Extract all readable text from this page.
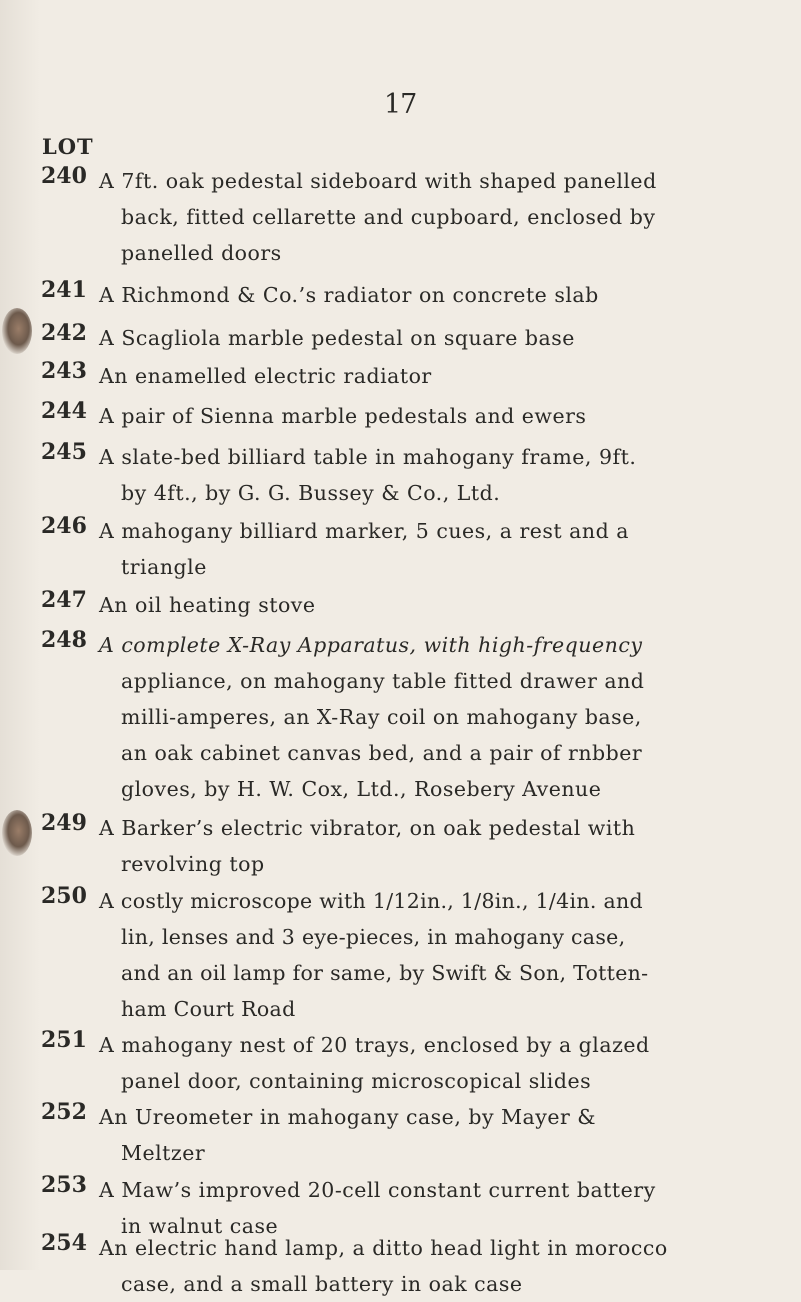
17
LOT
240 A 7ft. oak pedestal sideboard with shaped panelled
back, fitted cellarette and cupboard, enclosed by
panelled doors
241 A Richmond & Co.’s radiator on concrete slab
242 A Scagliola marble pedestal on square base
243 An enamelled electric radiator
244 A pair of Sienna marble pedestals and ewers
245 A slate-bed billiard table in mahogany frame, 9ft.
by 4ft., by G. G. Bussey & Co., Ltd.
246 A mahogany billiard marker, 5 cues, a rest and a
triangle
247 An oil heating stove
248 A complete X-Ray Apparatus, with high-frequency
appliance, on mahogany table fitted drawer and
milli-amperes, an X-Ray coil on mahogany base,
an oak cabinet canvas bed, and a pair of rnbber
gloves, by H. W. Cox, Ltd., Rosebery Avenue
249 A Barker’s electric vibrator, on oak pedestal with
revolving top
250 A costly microscope with 1/12in., 1/8in., 1/4in. and
lin, lenses and 3 eye-pieces, in mahogany case,
and an oil lamp for same, by Swift & Son, Totten-
ham Court Road
251 A mahogany nest of 20 trays, enclosed by a glazed
panel door, containing microscopical slides
252 An Ureometer in mahogany case, by Mayer &
Meltzer
253 A Maw’s improved 20-cell constant current battery
in walnut case
254 An electric hand lamp, a ditto head light in morocco
case, and a small battery in oak case
